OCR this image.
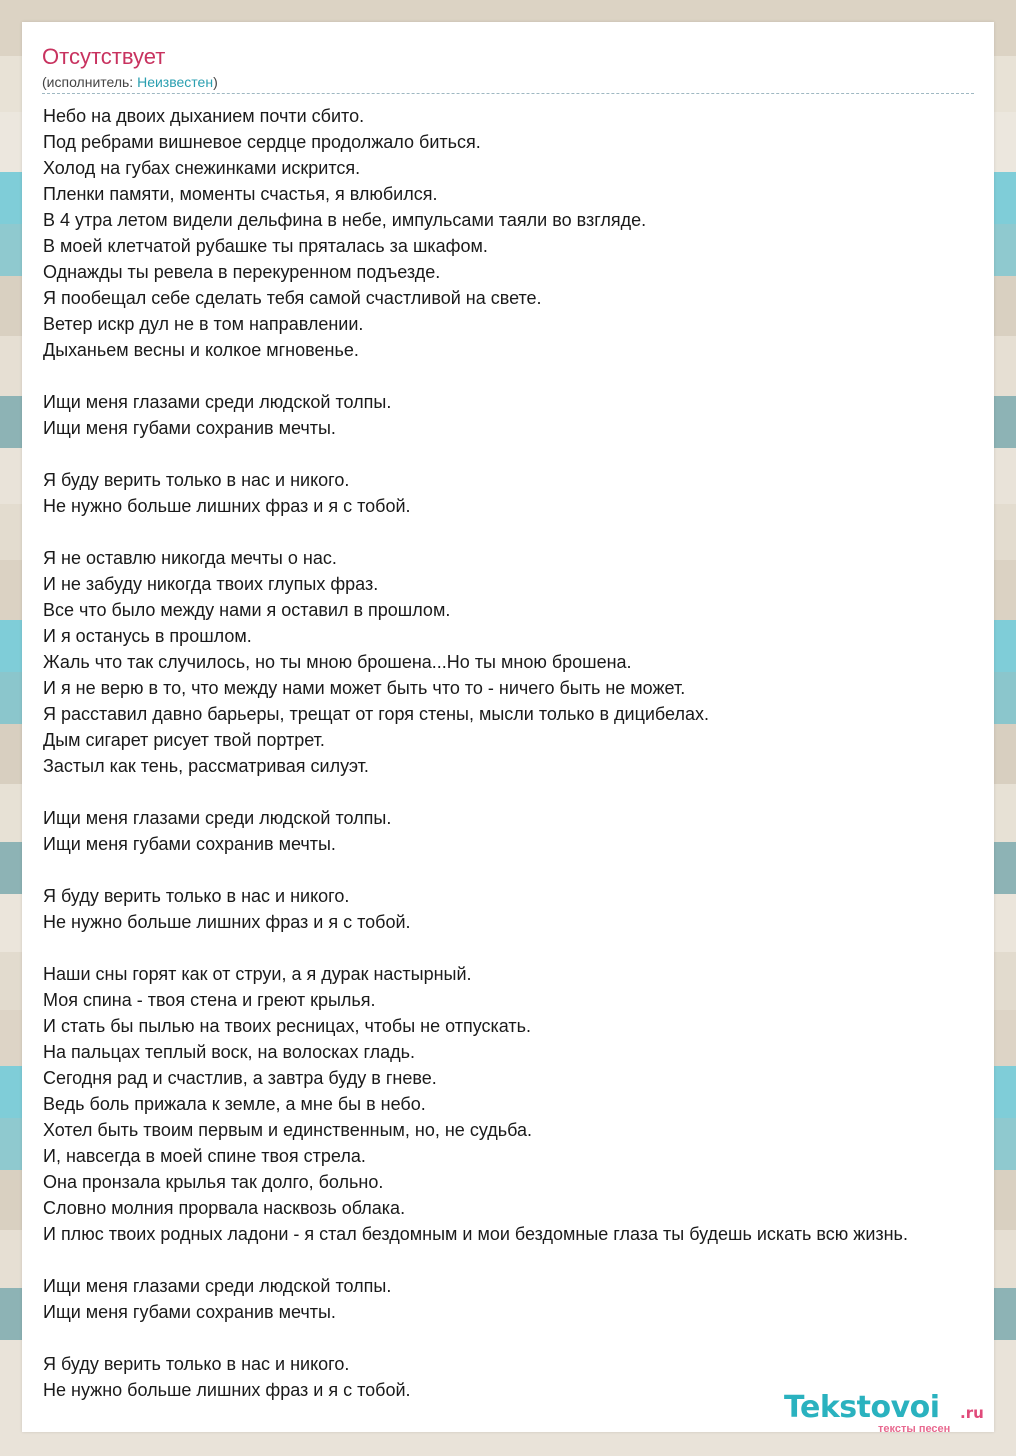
Отсутствует
(исполнитель: Неизвестен)
Небо на двоих дыханием почти сбито.
Под ребрами вишневое сердце продолжало биться.
Холод на губах снежинками искрится.
Пленки памяти, моменты счастья, я влюбился.
В 4 утра летом видели дельфина в небе, импульсами таяли во взгляде.
В моей клетчатой рубашке ты пряталась за шкафом.
Однажды ты ревела в перекуренном подъезде.
Я пообещал себе сделать тебя самой счастливой на свете.
Ветер искр дул не в том направлении.
Дыханьем весны и колкое мгновенье.
Ищи меня глазами среди людской толпы.
Ищи меня губами сохранив мечты.
Я буду верить только в нас и никого.
Не нужно больше лишних фраз и я с тобой.
Я не оставлю никогда мечты о нас.
И не забуду никогда твоих глупых фраз.
Все что было между нами я оставил в прошлом.
И я останусь в прошлом.
Жаль что так случилось, но ты мною брошена...Но ты мною брошена.
И я не верю в то, что между нами может быть что то - ничего быть не может.
Я расставил давно барьеры, трещат от горя стены, мысли только в дицибелах.
Дым сигарет рисует твой портрет.
Застыл как тень, рассматривая силуэт.
Ищи меня глазами среди людской толпы.
Ищи меня губами сохранив мечты.
Я буду верить только в нас и никого.
Не нужно больше лишних фраз и я с тобой.
Наши сны горят как от струи, а я дурак настырный.
Моя спина - твоя стена и греют крылья.
И стать бы пылью на твоих ресницах, чтобы не отпускать.
На пальцах теплый воск, на волосках гладь.
Сегодня рад и счастлив, а завтра буду в гневе.
Ведь боль прижала к земле, а мне бы в небо.
Хотел быть твоим первым и единственным, но, не судьба.
И, навсегда в моей спине твоя стрела.
Она пронзала крылья так долго, больно.
Словно молния прорвала насквозь облака.
И плюс твоих родных ладони - я стал бездомным и мои бездомные глаза ты будешь искать всю жизнь.
Ищи меня глазами среди людской толпы.
Ищи меня губами сохранив мечты.
Я буду верить только в нас и никого.
Не нужно больше лишних фраз и я с тобой.	Tekstovoi .ru
тексты песен
